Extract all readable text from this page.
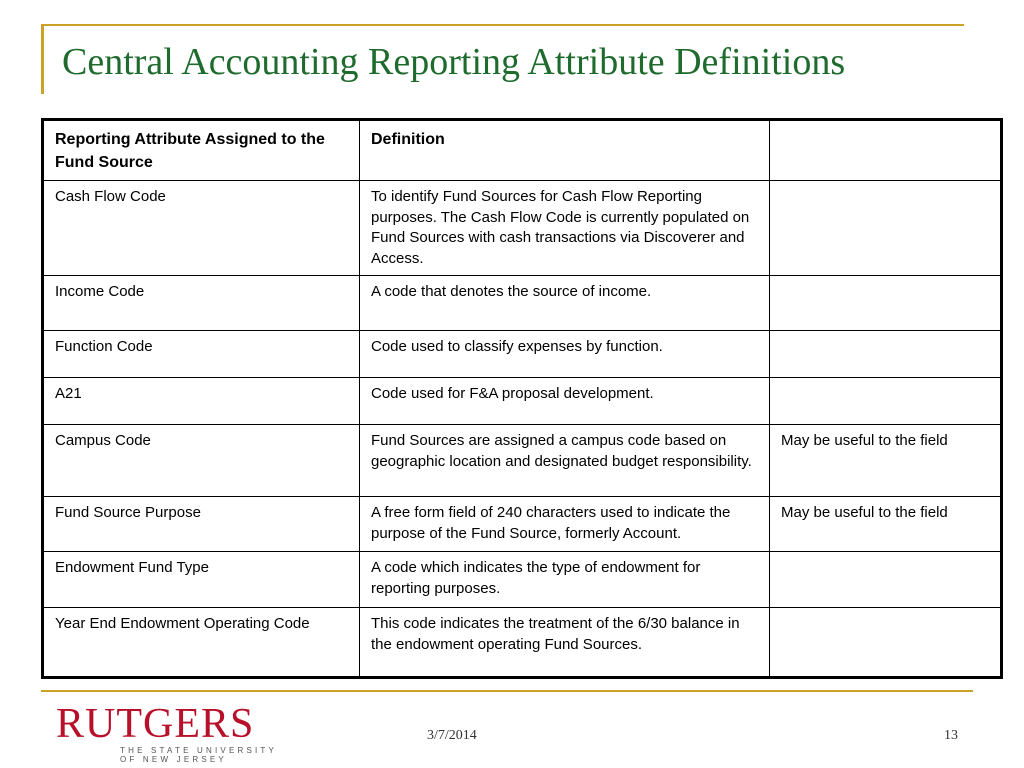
Central Accounting Reporting Attribute Definitions
Reporting Attribute Assigned to the Fund Source	Definition	
Cash Flow Code	To identify Fund Sources for Cash Flow Reporting purposes. The Cash Flow Code is currently populated on Fund Sources with cash transactions via Discoverer and Access.	
Income Code	A code that denotes the source of income.	
Function Code	Code used to classify expenses by function.	
A21	Code used for F&A proposal development.	
Campus Code	Fund Sources are assigned a campus code based on geographic location and designated budget responsibility.	May be useful to the field
Fund Source Purpose	A free form field of 240 characters used to indicate the purpose of the Fund Source, formerly Account.	May be useful to the field
Endowment Fund Type	A code which indicates the type of endowment for reporting purposes.	
Year End Endowment Operating Code	This code indicates the treatment of the 6/30 balance in the endowment operating Fund Sources.	
RUTGERS
THE STATE UNIVERSITY
OF NEW JERSEY
3/7/2014	13
